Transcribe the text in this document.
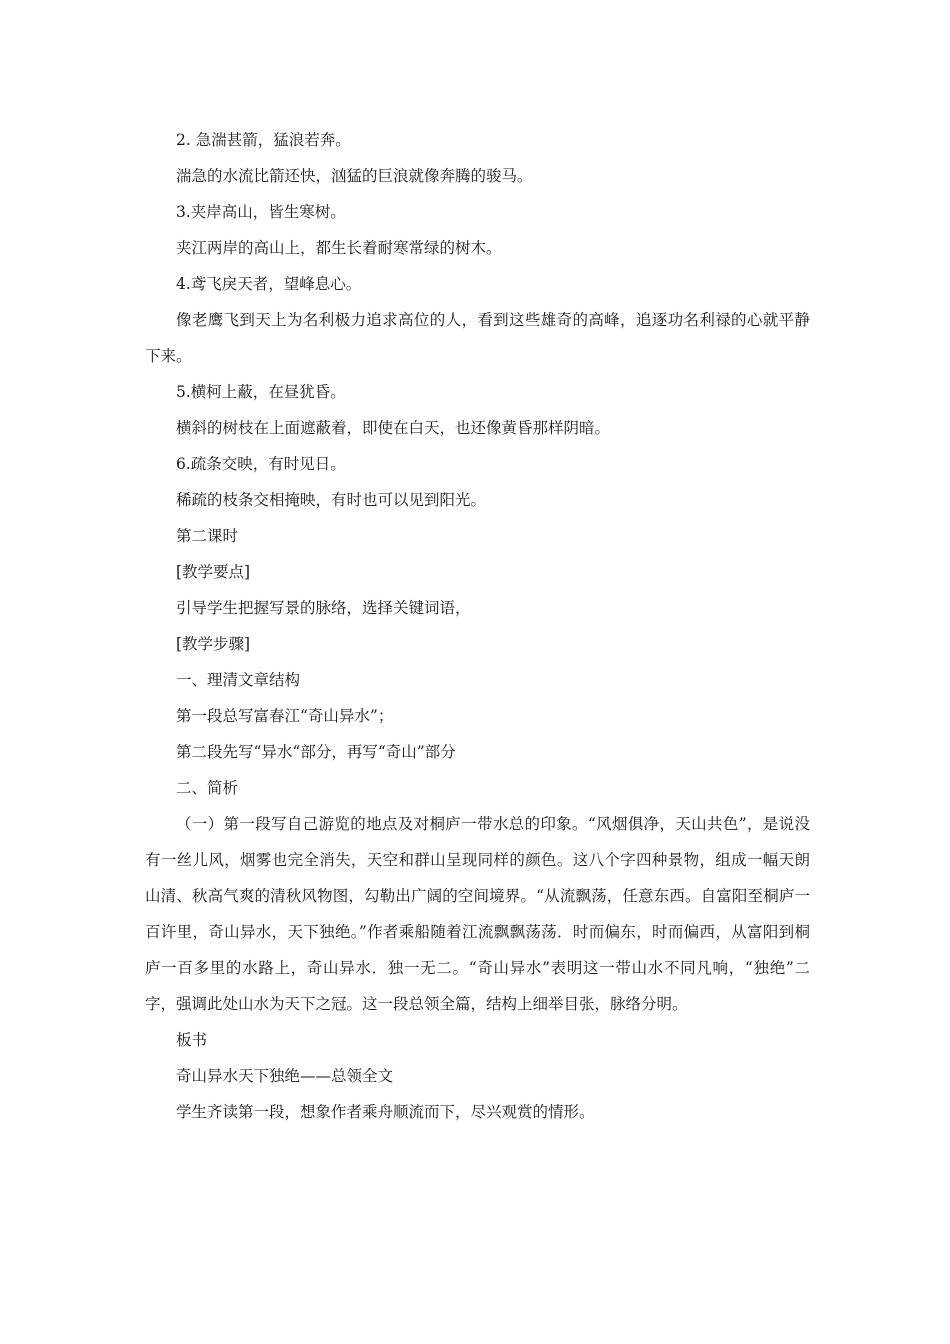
2. 急湍甚箭，猛浪若奔。
湍急的水流比箭还快，汹猛的巨浪就像奔腾的骏马。
3.夹岸高山，皆生寒树。
夹江两岸的高山上，都生长着耐寒常绿的树木。
4.鸢飞戾天者，望峰息心。

像老鹰飞到天上为名利极力追求高位的人，看到这些雄奇的高峰，追逐功名利禄的心就平静下来。

5.横柯上蔽，在昼犹昏。
横斜的树枝在上面遮蔽着，即使在白天，也还像黄昏那样阴暗。
6.疏条交映，有时见日。
稀疏的枝条交相掩映，有时也可以见到阳光。
第二课时
[教学要点]
引导学生把握写景的脉络，选择关键词语，
[教学步骤]
一、理清文章结构
第一段总写富春江“奇山异水”；
第二段先写“异水“部分，再写“奇山”部分
二、简析

（一）第一段写自己游览的地点及对桐庐一带水总的印象。“风烟俱净，天山共色”，是说没有一丝儿风，烟雾也完全消失，天空和群山呈现同样的颜色。这八个字四种景物，组成一幅天朗山清、秋高气爽的清秋风物图，勾勒出广阔的空间境界。“从流飘荡，任意东西。自富阳至桐庐一百许里，奇山异水，天下独绝。”作者乘船随着江流飘飘荡荡．时而偏东，时而偏西，从富阳到桐庐一百多里的水路上，奇山异水．独一无二。“奇山异水”表明这一带山水不同凡响，“独绝”二字，强调此处山水为天下之冠。这一段总领全篇，结构上细举目张，脉络分明。

板书
奇山异水天下独绝——总领全文
学生齐读第一段，想象作者乘舟顺流而下，尽兴观赏的情形。
